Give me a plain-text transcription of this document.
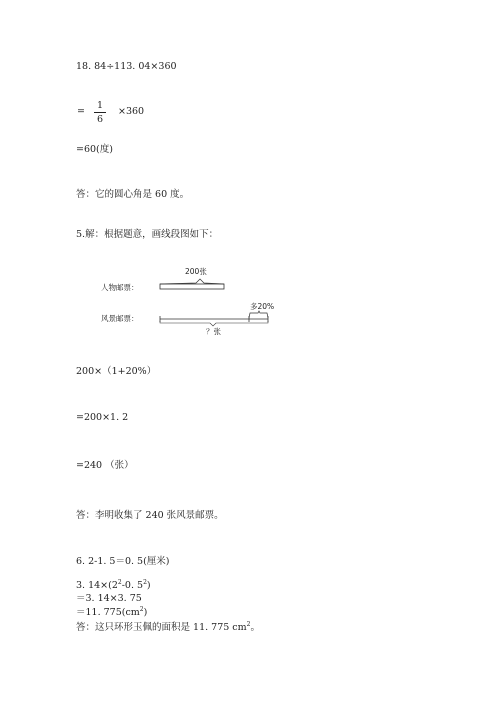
18. 84÷113. 04×360
=
1
6
×360
=60(度)
答：它的圆心角是 60 度。
5.解：根据题意，画线段图如下：
200张
人物邮票：
风景邮票：
多20%
？张
200×（1+20%）
=200×1. 2
=240 （张）
答：李明收集了 240 张风景邮票。
6. 2-1. 5＝0. 5(厘米)
3. $14\times(2^2-0$. $5^2$)
＝3. 14×3. 75
＝11. $775(cm^2)$
答：这只环形玉佩的面积是 11. 775 $cm^2$。
